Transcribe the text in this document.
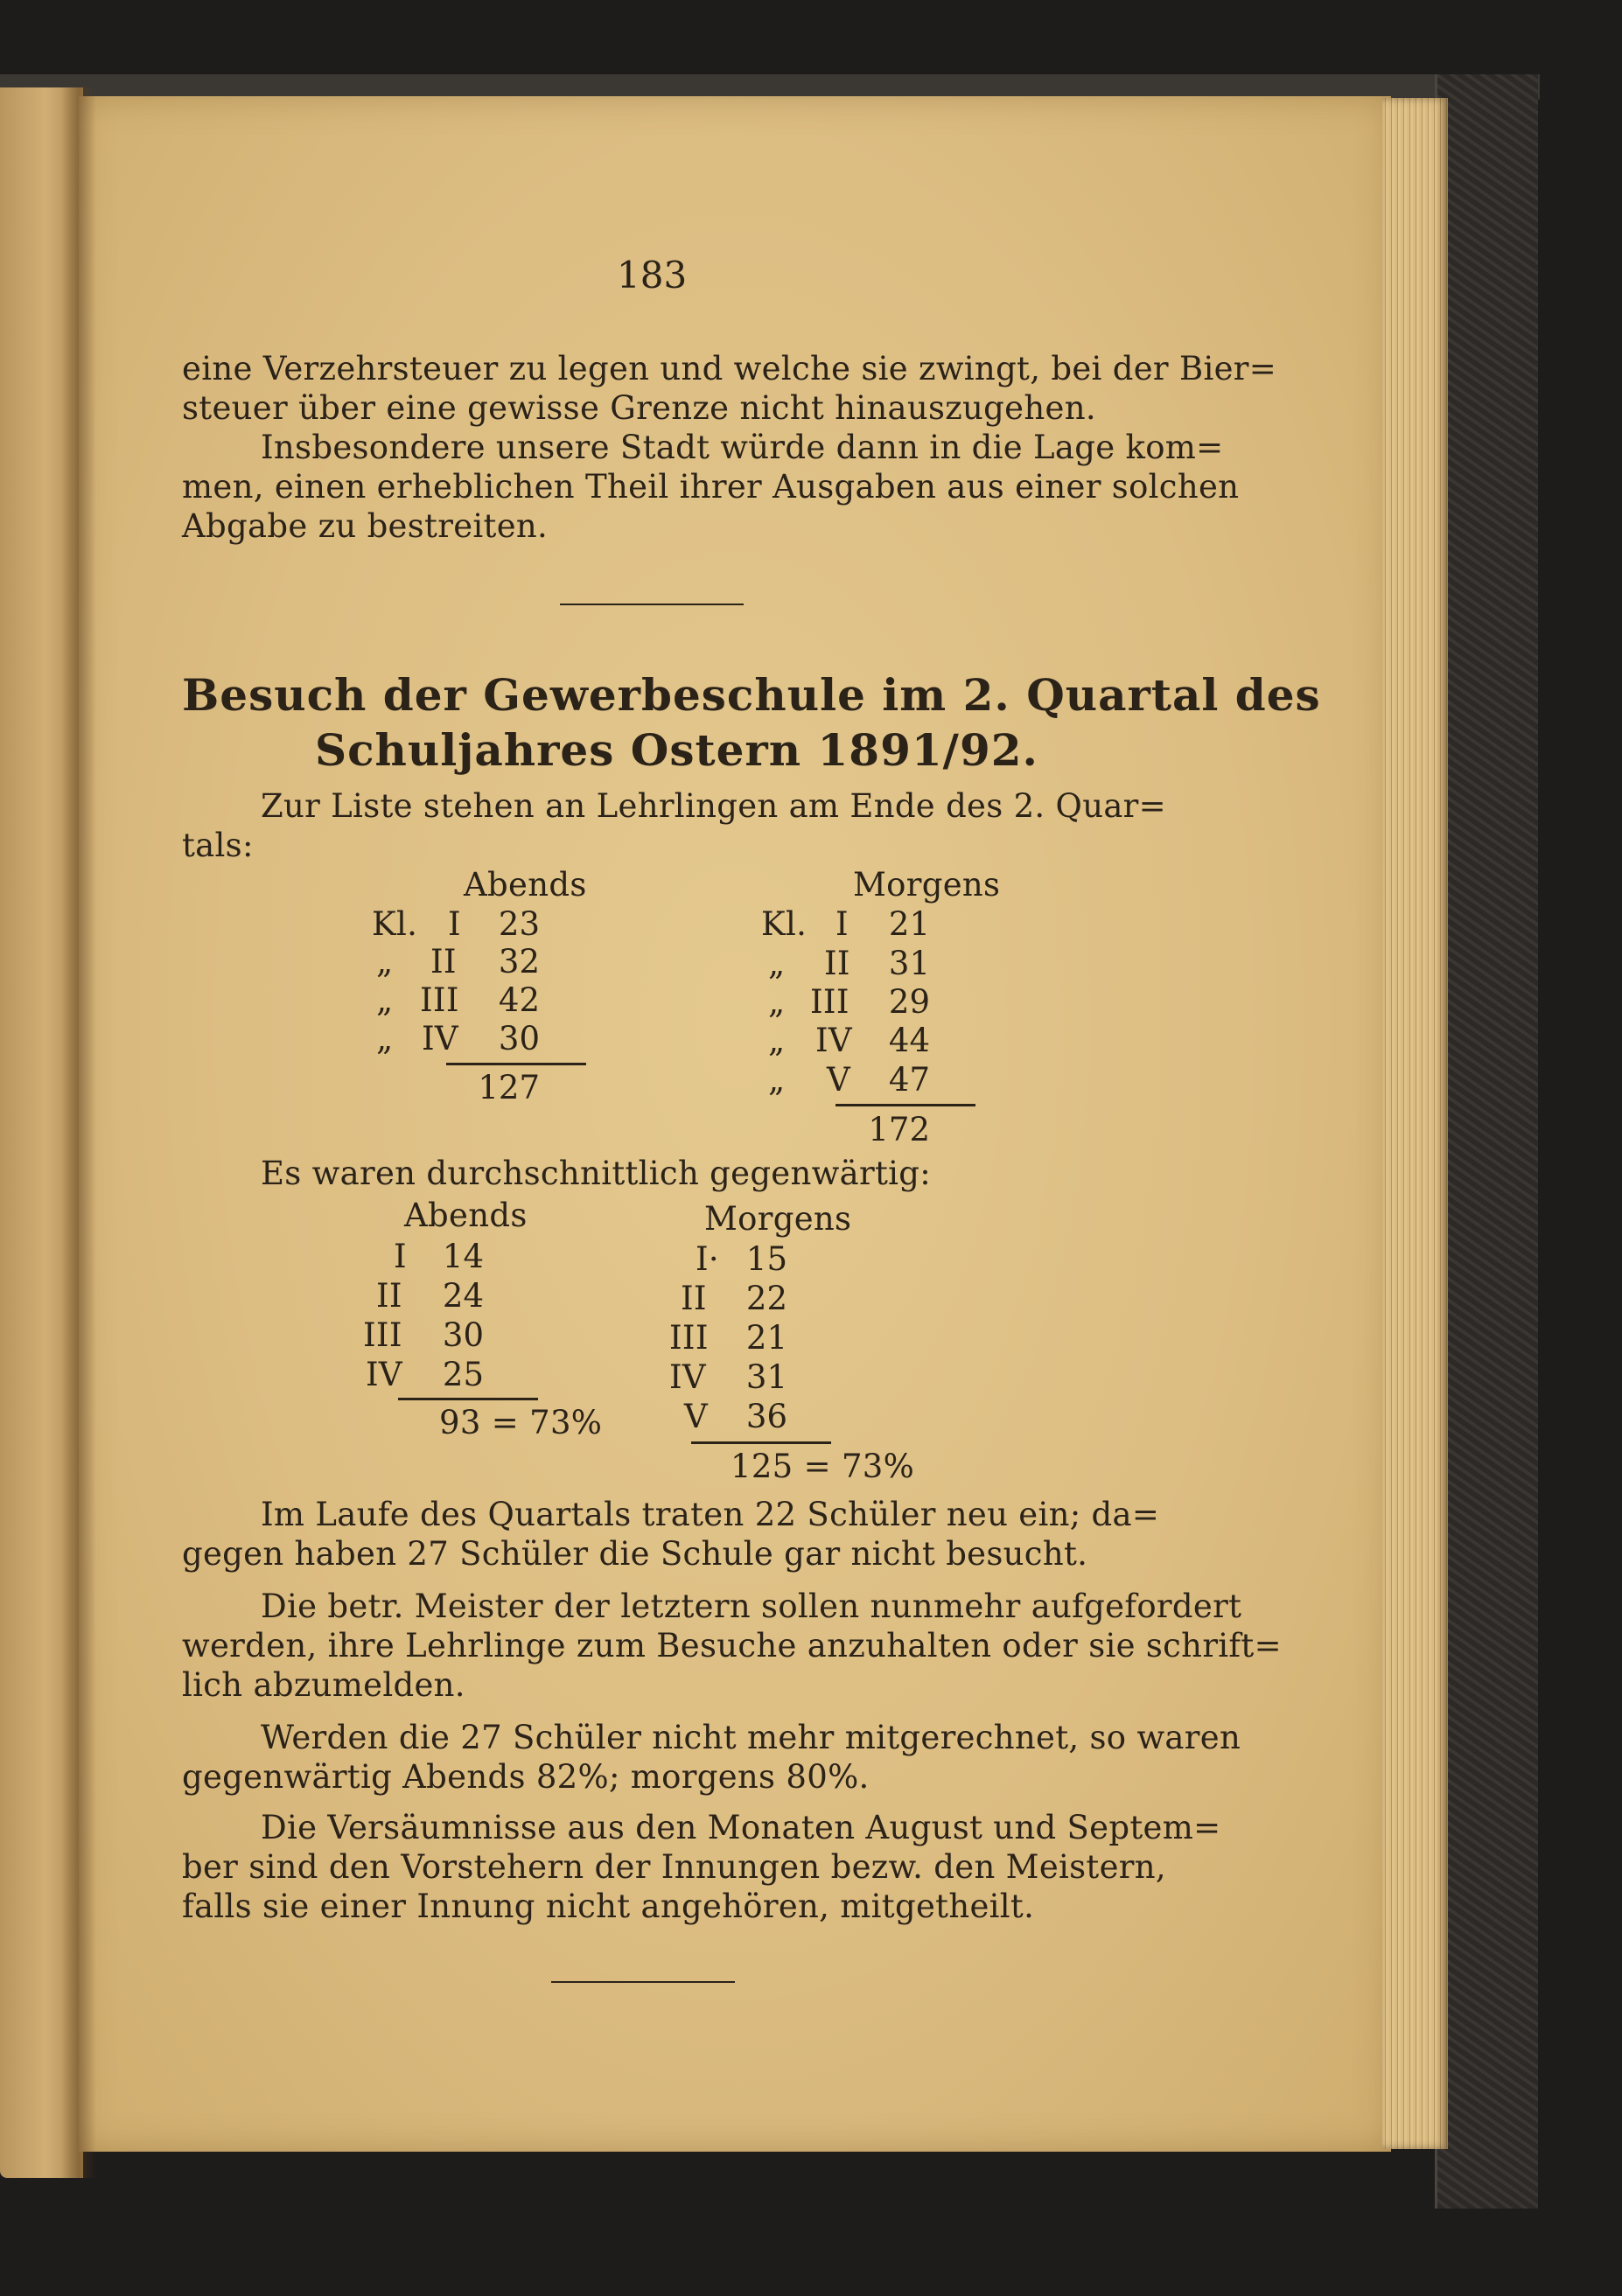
183
eine Verzehrsteuer zu legen und welche sie zwingt, bei der Bier=
steuer über eine gewisse Grenze nicht hinauszugehen.
Insbesondere unsere Stadt würde dann in die Lage kom=
men, einen erheblichen Theil ihrer Ausgaben aus einer solchen
Abgabe zu bestreiten.
Besuch der Gewerbeschule im 2. Quartal des
Schuljahres Ostern 1891/92.
Zur Liste stehen an Lehrlingen am Ende des 2. Quar=
tals:
Abends
Kl. I	23
„ II	32
„ III	42
„ IV	30
127
Morgens
Kl. I	21
„ II	31
„ III	29
„ IV	44
„ V	47
172
Es waren durchschnittlich gegenwärtig:
Abends
I	14
II	24
III	30
IV	25
93 = 73%
Morgens
I· 15
II	22
III	21
IV	31
V	36
125 = 73%
Im Laufe des Quartals traten 22 Schüler neu ein; da=
gegen haben 27 Schüler die Schule gar nicht besucht.
Die betr. Meister der letztern sollen nunmehr aufgefordert
werden, ihre Lehrlinge zum Besuche anzuhalten oder sie schrift=
lich abzumelden.
Werden die 27 Schüler nicht mehr mitgerechnet, so waren
gegenwärtig Abends 82%; morgens 80%.
Die Versäumnisse aus den Monaten August und Septem=
ber sind den Vorstehern der Innungen bezw. den Meistern,
falls sie einer Innung nicht angehören, mitgetheilt.
